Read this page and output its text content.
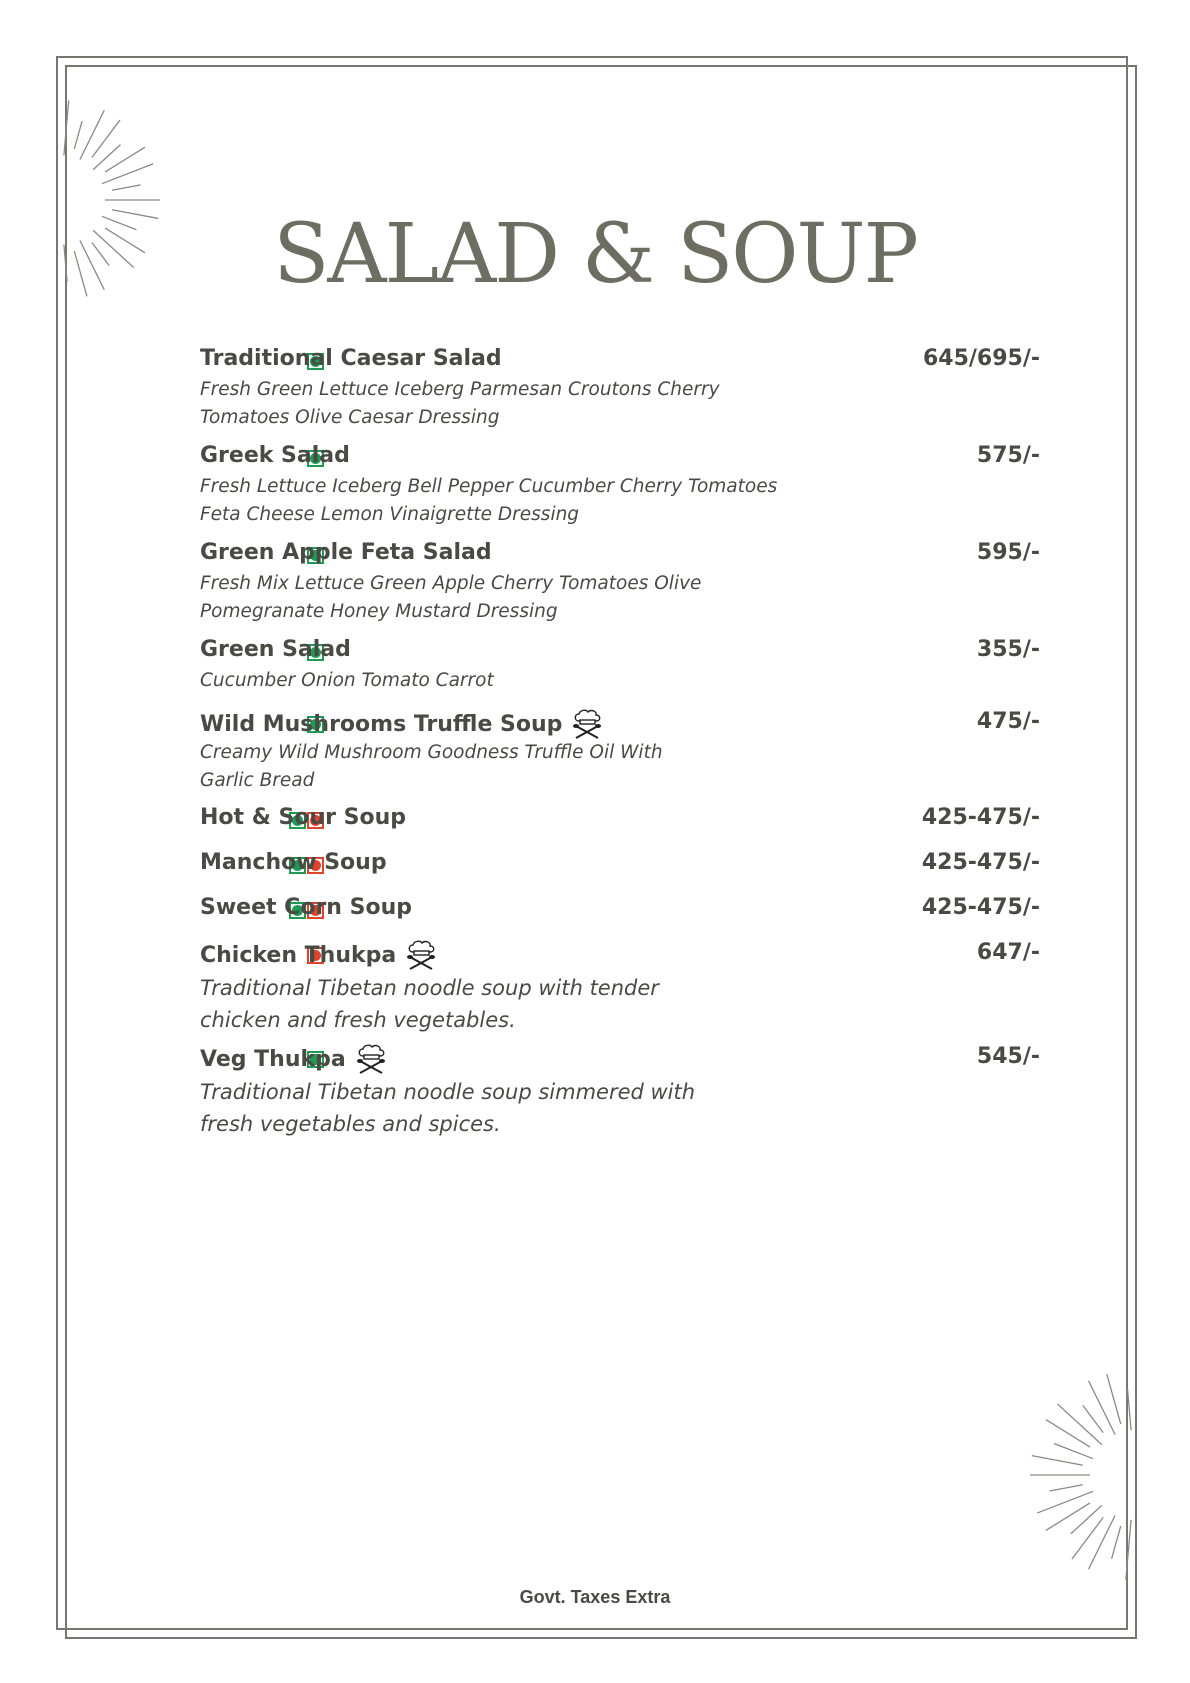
SALAD & SOUP
Traditional Caesar Salad	645/695/-
Fresh Green Lettuce Iceberg Parmesan Croutons Cherry
Tomatoes Olive Caesar Dressing
Greek Salad	575/-
Fresh Lettuce Iceberg Bell Pepper Cucumber Cherry Tomatoes
Feta Cheese Lemon Vinaigrette Dressing
Green Apple Feta Salad	595/-
Fresh Mix Lettuce Green Apple Cherry Tomatoes Olive
Pomegranate Honey Mustard Dressing
Green Salad	355/-
Cucumber Onion Tomato Carrot
Wild Mushrooms Truffle Soup	475/-
Creamy Wild Mushroom Goodness Truffle Oil With
Garlic Bread
Hot & Sour Soup	425-475/-
Manchow Soup	425-475/-
Sweet Corn Soup	425-475/-
Chicken Thukpa	647/-
Traditional Tibetan noodle soup with tender
chicken and fresh vegetables.
Veg Thukpa	545/-
Traditional Tibetan noodle soup simmered with
fresh vegetables and spices.
Govt. Taxes Extra
